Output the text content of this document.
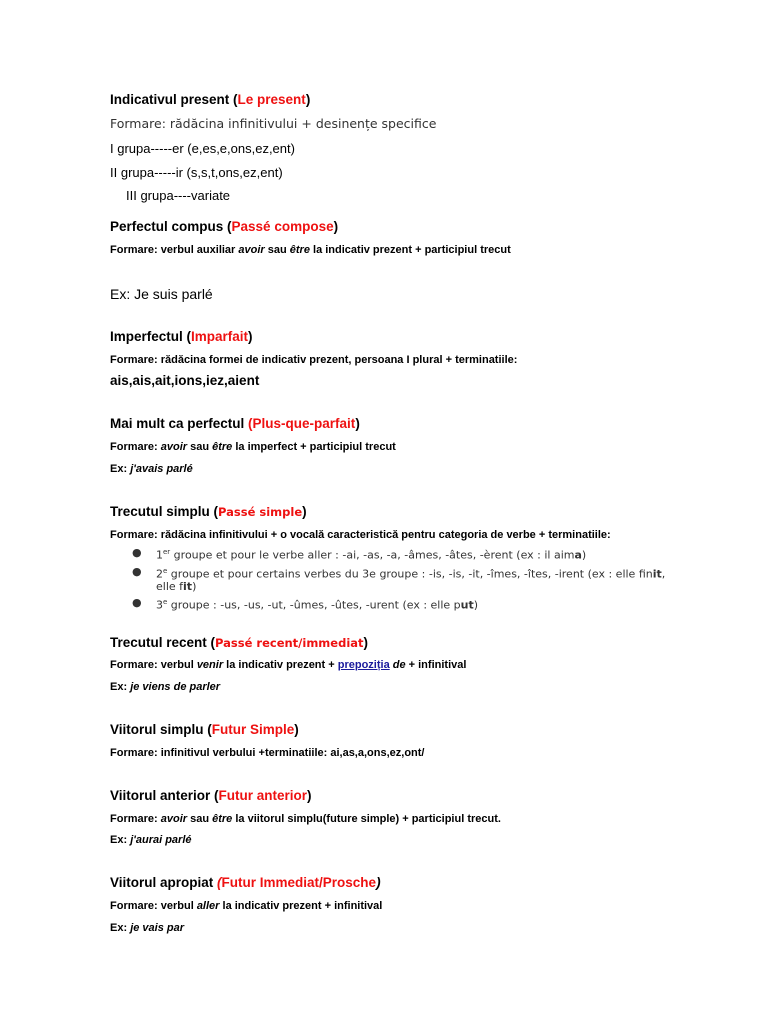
Indicativul present (Le present)
Formare: rădăcina infinitivului + desinențe specifice
I grupa-----er (e,es,e,ons,ez,ent)
II grupa-----ir (s,s,t,ons,ez,ent)
III grupa----variate
Perfectul compus (Passé compose)
Formare: verbul auxiliar avoir sau être la indicativ prezent + participiul trecut
Ex: Je suis parlé
Imperfectul (Imparfait)
Formare: rădăcina formei de indicativ prezent, persoana I plural + terminatiile:
ais,ais,ait,ions,iez,aient
Mai mult ca perfectul (Plus-que-parfait)
Formare: avoir sau être la imperfect + participiul trecut
Ex: j'avais parlé
Trecutul simplu (Passé simple)
Formare: rădăcina infinitivului + o vocală caracteristică pentru categoria de verbe + terminatiile:
● 1er groupe et pour le verbe aller : -ai, -as, -a, -âmes, -âtes, -èrent (ex : il aima)
● 2e groupe et pour certains verbes du 3e groupe : -is, -is, -it, -îmes, -îtes, -irent (ex : elle finit,
elle fit)
● 3e groupe : -us, -us, -ut, -ûmes, -ûtes, -urent (ex : elle put)
Trecutul recent (Passé recent/immediat)
Formare: verbul venir la indicativ prezent + prepoziția de + infinitival
Ex: je viens de parler
Viitorul simplu (Futur Simple)
Formare: infinitivul verbului +terminatiile: ai,as,a,ons,ez,ont/
Viitorul anterior (Futur anterior)
Formare: avoir sau être la viitorul simplu(future simple) + participiul trecut.
Ex: j'aurai parlé
Viitorul apropiat (Futur Immediat/Prosche)
Formare: verbul aller la indicativ prezent + infinitival
Ex: je vais par
